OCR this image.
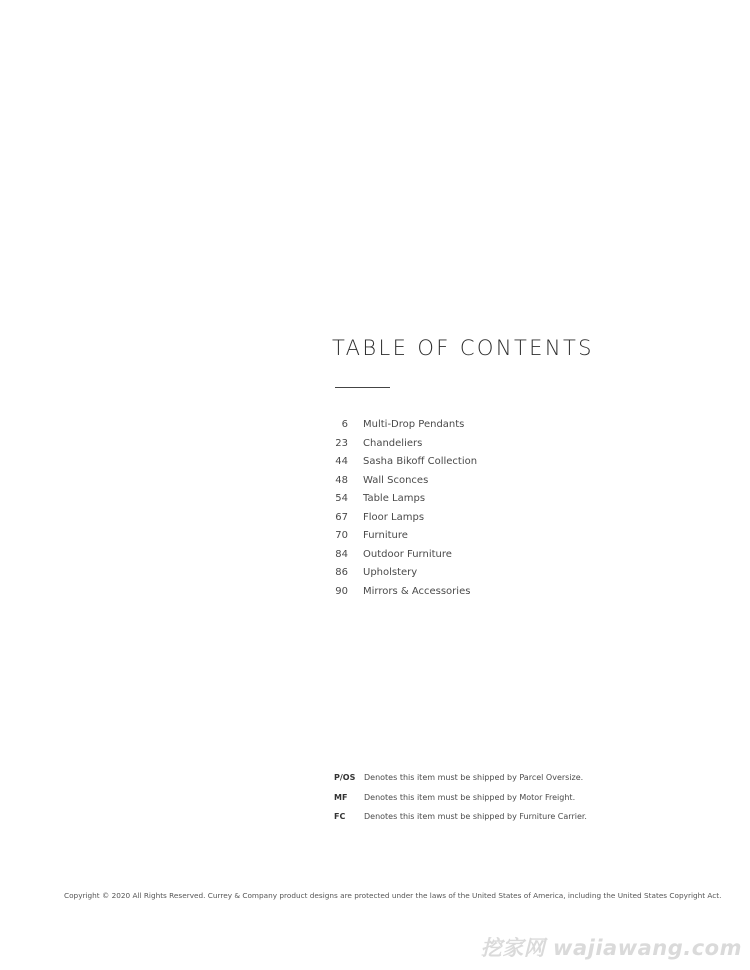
TABLE OF CONTENTS
6 Multi-Drop Pendants
23 Chandeliers
44 Sasha Bikoff Collection
48 Wall Sconces
54 Table Lamps
67 Floor Lamps
70 Furniture
84 Outdoor Furniture
86 Upholstery
90 Mirrors & Accessories
P/OS Denotes this item must be shipped by Parcel Oversize.
MF Denotes this item must be shipped by Motor Freight.
FC Denotes this item must be shipped by Furniture Carrier.
Copyright © 2020 All Rights Reserved. Currey & Company product designs are protected under the laws of the United States of America, including the United States Copyright Act.
挖家网 wajiawang.com
